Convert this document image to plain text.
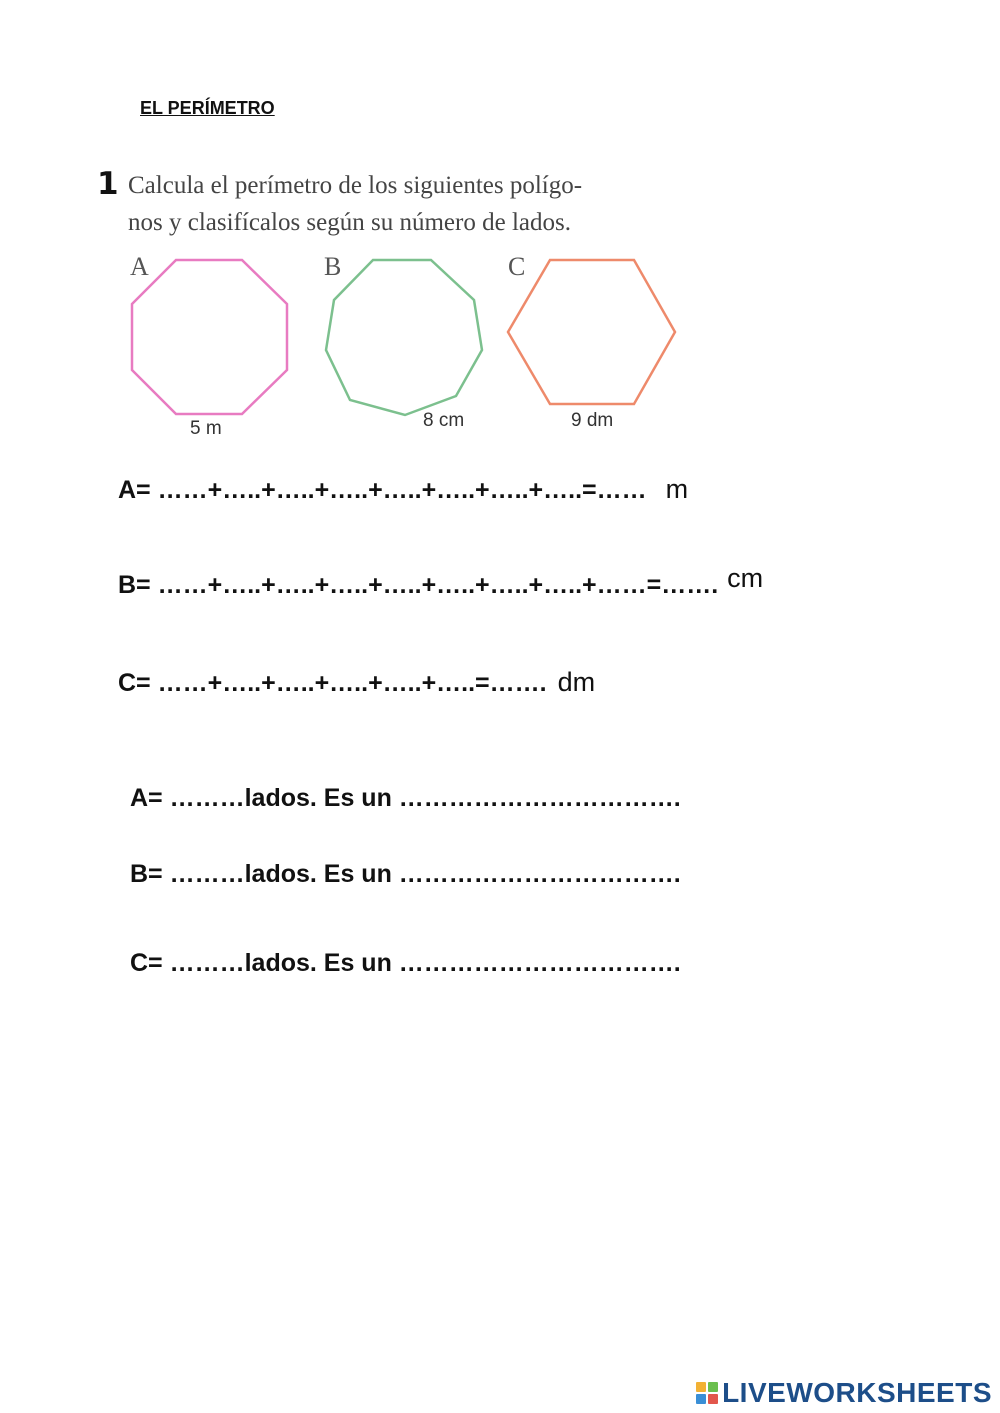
EL PERÍMETRO
1 Calcula el perímetro de los siguientes polígo-
nos y clasifícalos según su número de lados.
A	B	C
5 m	8 cm	9 dm
A= ……+…..+…..+…..+…..+…..+…..+…..=…… m
B= ……+…..+…..+…..+…..+…..+…..+…..+……=……. cm
C= ……+…..+…..+…..+…..+…..=……. dm
A= ………lados. Es un …………………………….
B= ………lados. Es un …………………………….
C= ………lados. Es un …………………………….
LIVEWORKSHEETS
